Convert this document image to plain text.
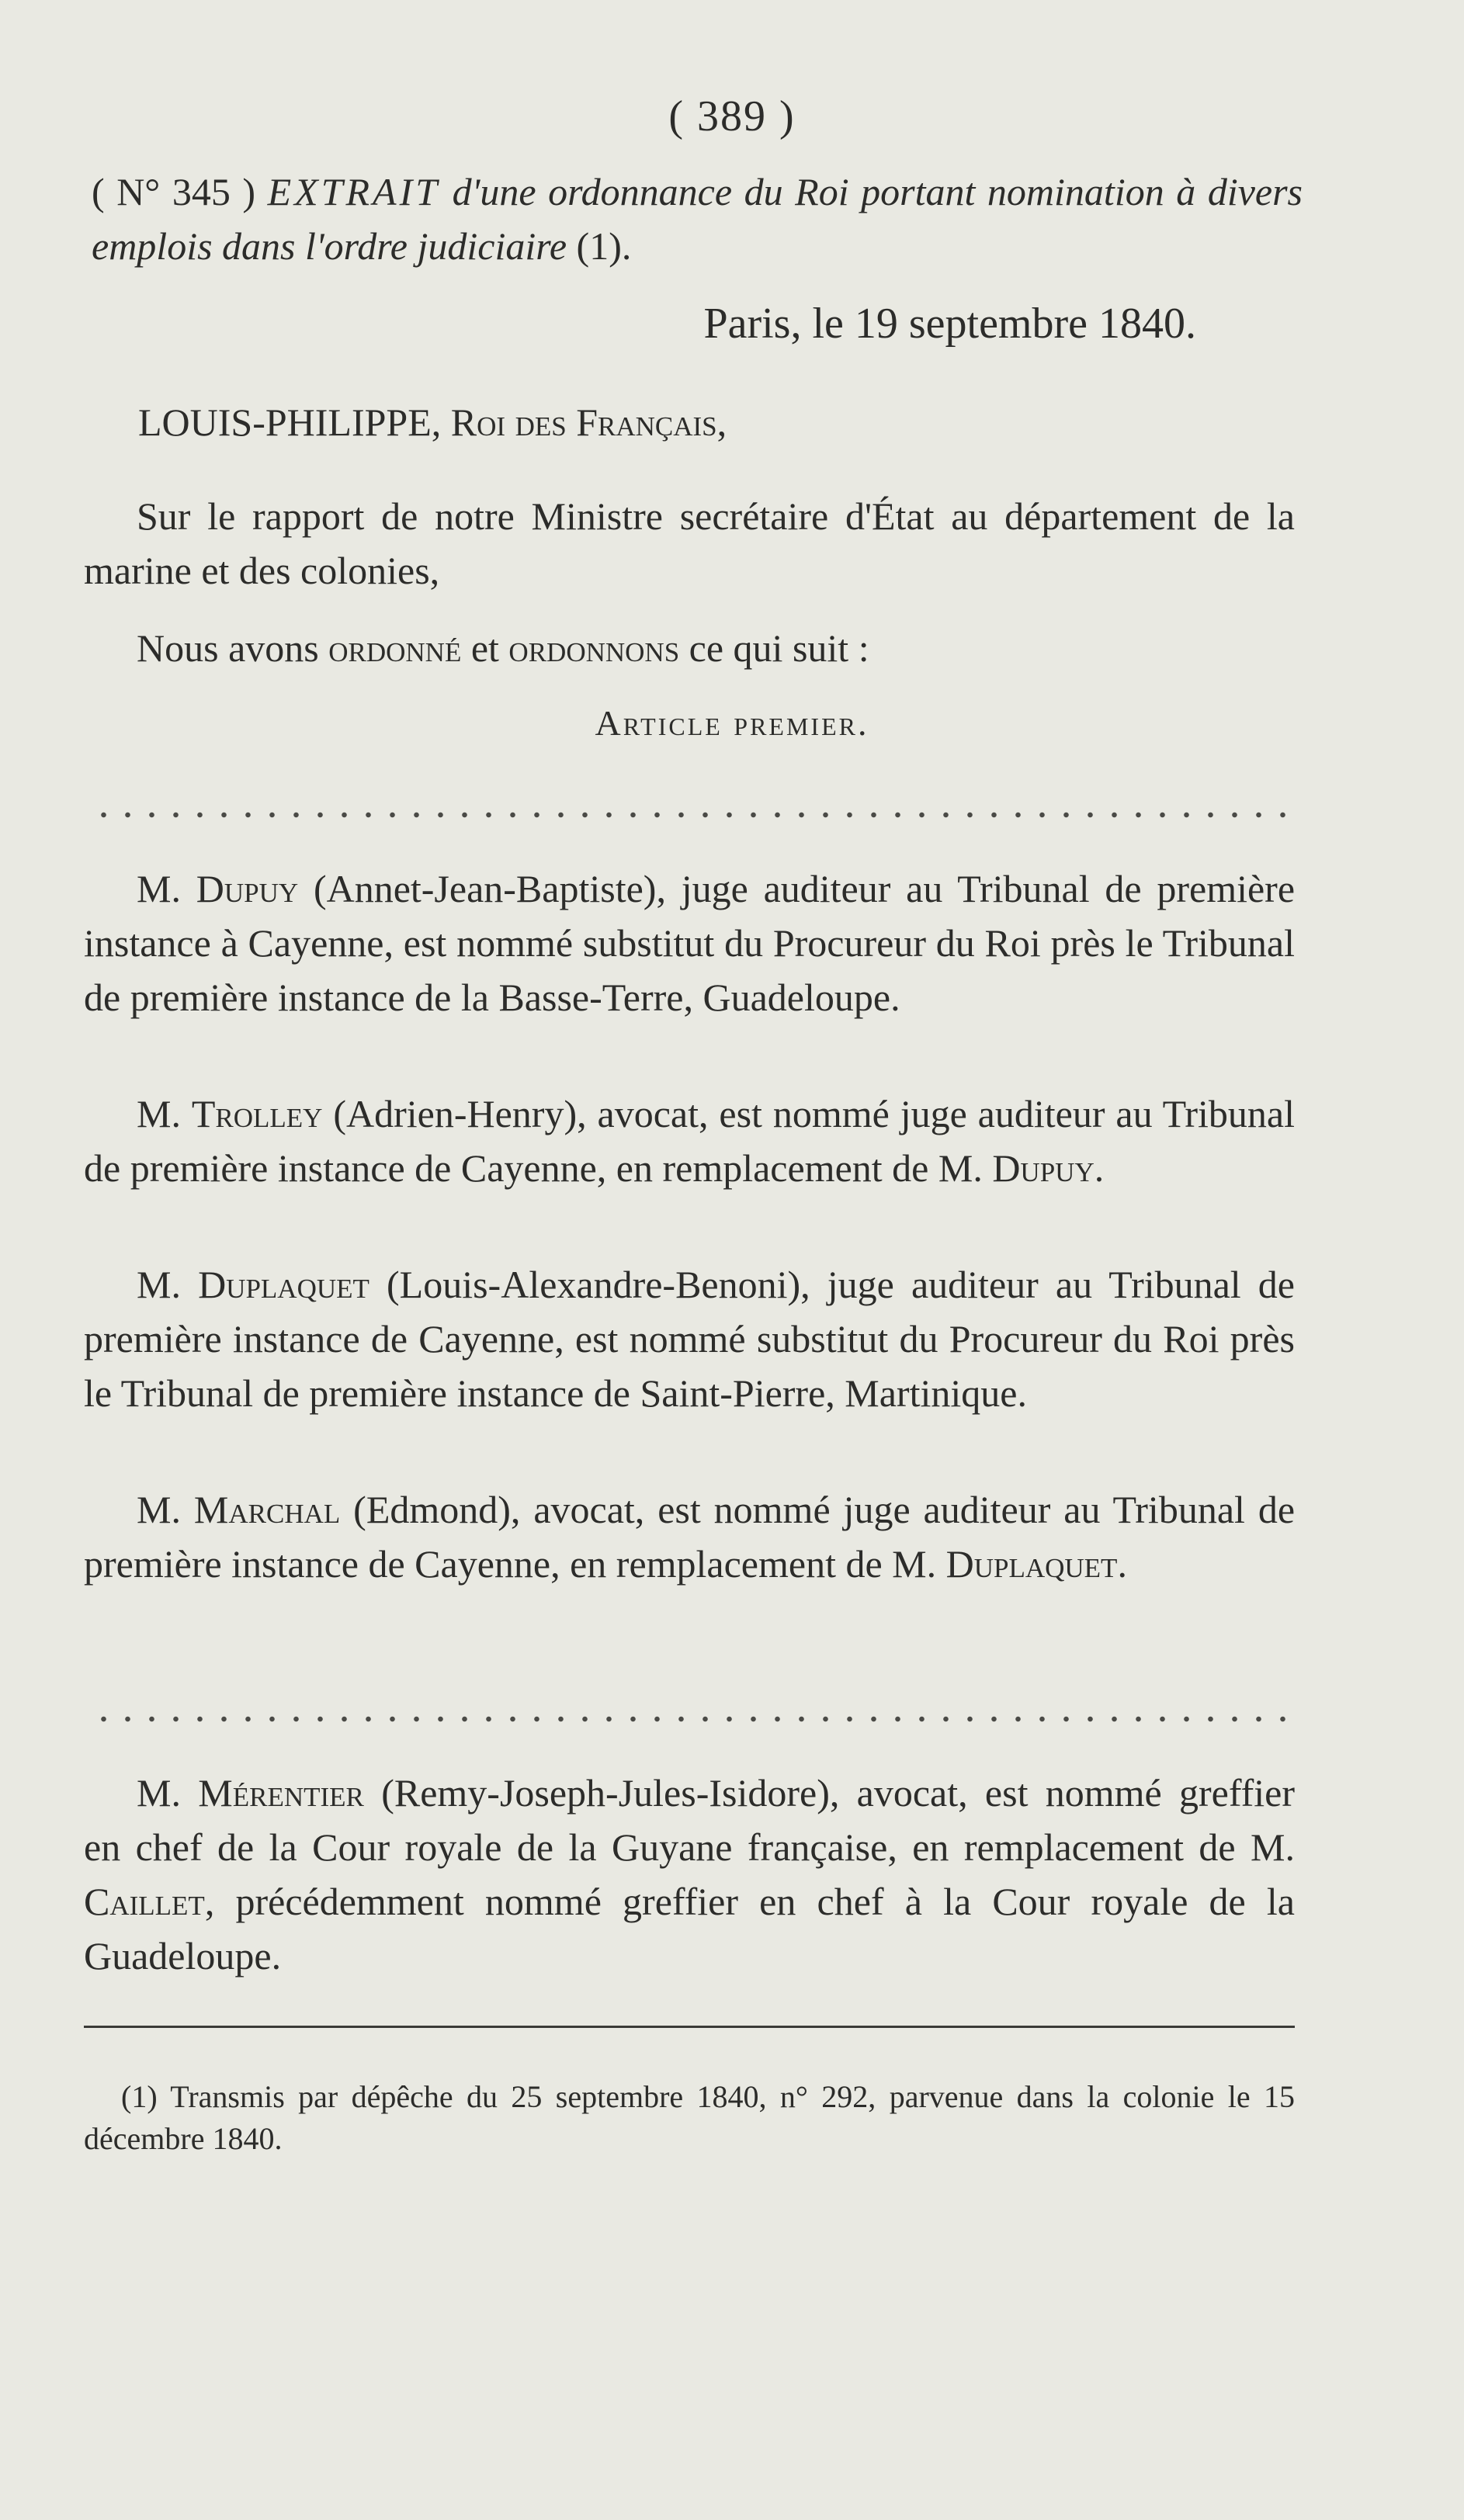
( 389 )
( N° 345 ) EXTRAIT d'une ordonnance du Roi portant nomination à divers emplois dans l'ordre judiciaire (1).
Paris, le 19 septembre 1840.
LOUIS-PHILIPPE, Roi des Français,
Sur le rapport de notre Ministre secrétaire d'État au département de la marine et des colonies,
Nous avons ordonné et ordonnons ce qui suit :
Article premier.
M. Dupuy (Annet-Jean-Baptiste), juge auditeur au Tribunal de première instance à Cayenne, est nommé substitut du Procureur du Roi près le Tribunal de première instance de la Basse-Terre, Guadeloupe.
M. Trolley (Adrien-Henry), avocat, est nommé juge auditeur au Tribunal de première instance de Cayenne, en remplacement de M. Dupuy.
M. Duplaquet (Louis-Alexandre-Benoni), juge auditeur au Tribunal de première instance de Cayenne, est nommé substitut du Procureur du Roi près le Tribunal de première instance de Saint-Pierre, Martinique.
M. Marchal (Edmond), avocat, est nommé juge auditeur au Tribunal de première instance de Cayenne, en remplacement de M. Duplaquet.
M. Mérentier (Remy-Joseph-Jules-Isidore), avocat, est nommé greffier en chef de la Cour royale de la Guyane française, en remplacement de M. Caillet, précédemment nommé greffier en chef à la Cour royale de la Guadeloupe.
(1) Transmis par dépêche du 25 septembre 1840, n° 292, parvenue dans la colonie le 15 décembre 1840.
